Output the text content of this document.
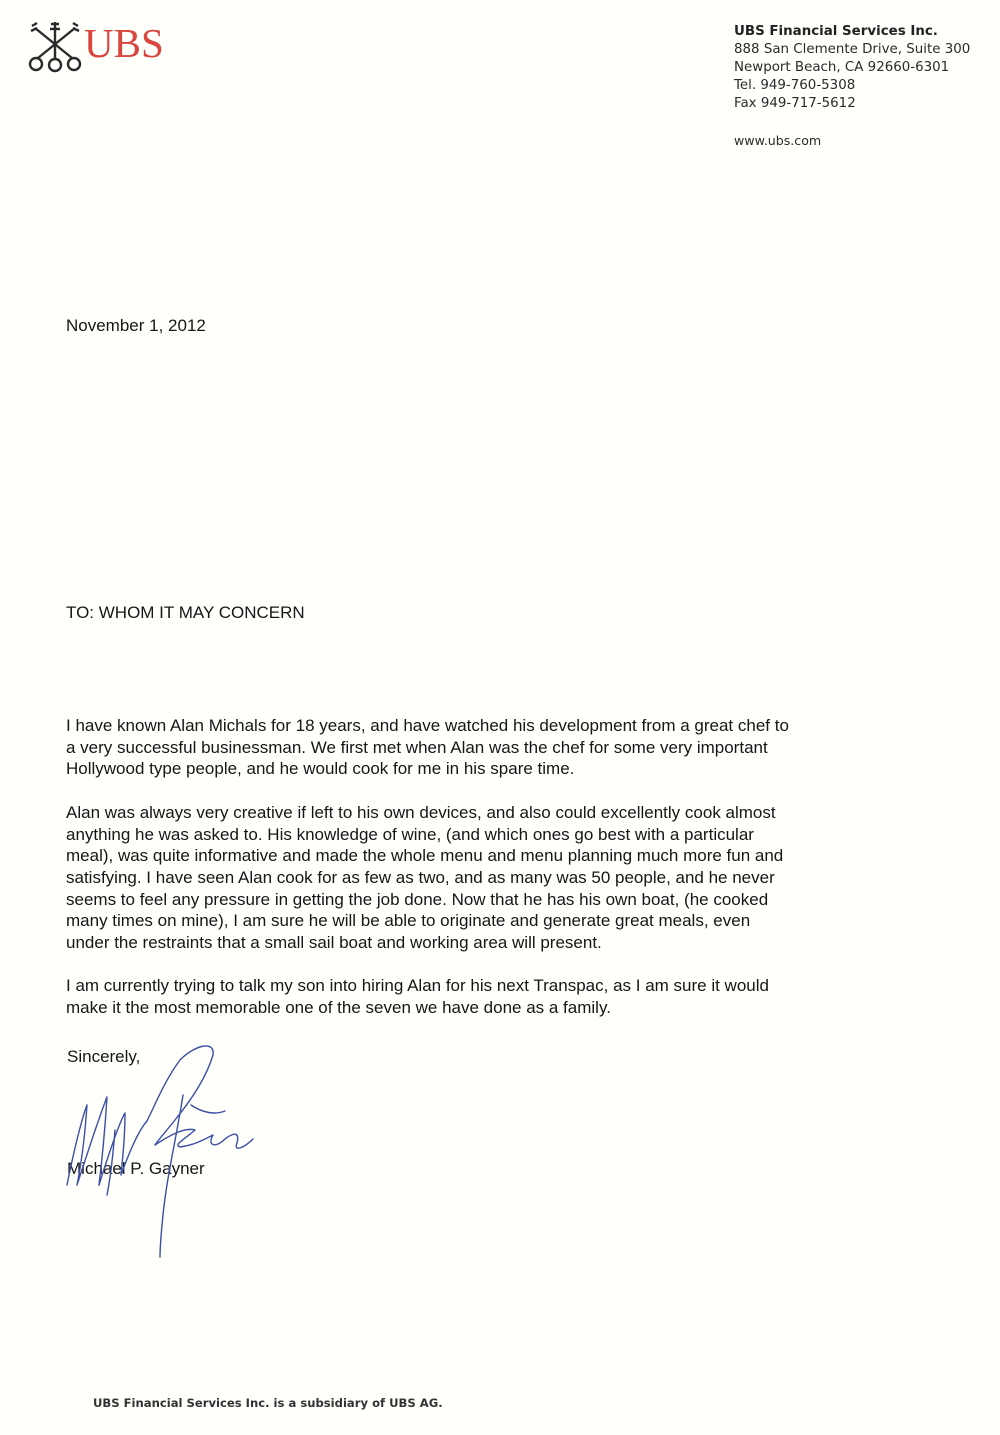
UBS	UBS Financial Services Inc.
888 San Clemente Drive, Suite 300
Newport Beach, CA 92660-6301
Tel. 949-760-5308
Fax 949-717-5612
www.ubs.com
November 1, 2012
TO: WHOM IT MAY CONCERN

I have known Alan Michals for 18 years, and have watched his development from a great chef to
a very successful businessman. We first met when Alan was the chef for some very important
Hollywood type people, and he would cook for me in his spare time.

Alan was always very creative if left to his own devices, and also could excellently cook almost
anything he was asked to. His knowledge of wine, (and which ones go best with a particular
meal), was quite informative and made the whole menu and menu planning much more fun and
satisfying. I have seen Alan cook for as few as two, and as many was 50 people, and he never
seems to feel any pressure in getting the job done. Now that he has his own boat, (he cooked
many times on mine), I am sure he will be able to originate and generate great meals, even
under the restraints that a small sail boat and working area will present.

I am currently trying to talk my son into hiring Alan for his next Transpac, as I am sure it would
make it the most memorable one of the seven we have done as a family.

Sincerely,
Michael P. Gayner
UBS Financial Services Inc. is a subsidiary of UBS AG.
